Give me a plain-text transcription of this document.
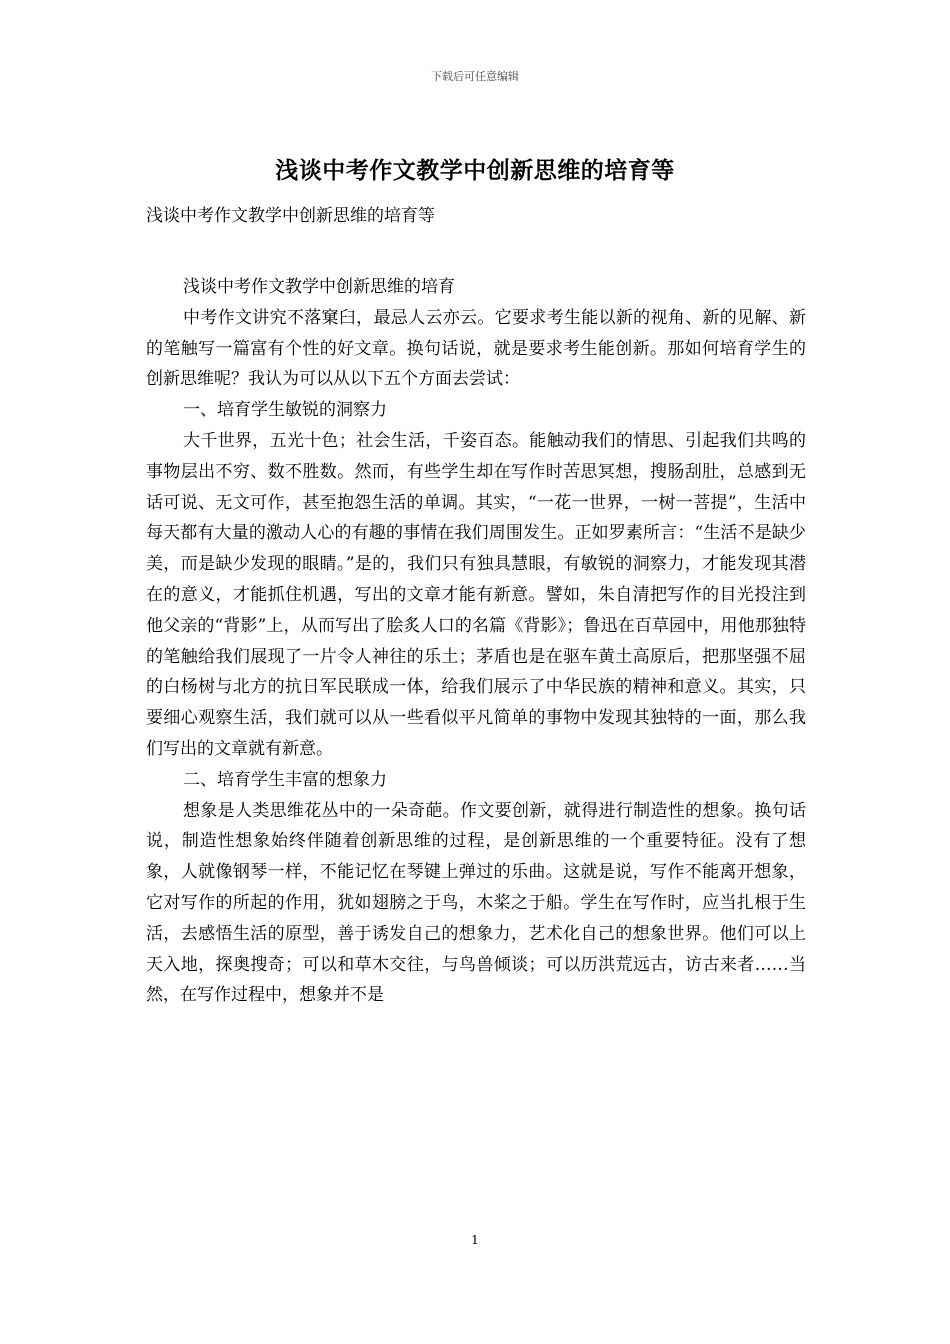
下载后可任意编辑
浅谈中考作文教学中创新思维的培育等

浅谈中考作文教学中创新思维的培育等

浅谈中考作文教学中创新思维的培育

中考作文讲究不落窠臼，最忌人云亦云。它要求考生能以新的视角、新的见解、新的笔触写一篇富有个性的好文章。换句话说，就是要求考生能创新。那如何培育学生的创新思维呢？我认为可以从以下五个方面去尝试：

一、培育学生敏锐的洞察力

大千世界，五光十色；社会生活，千姿百态。能触动我们的情思、引起我们共鸣的事物层出不穷、数不胜数。然而，有些学生却在写作时苦思冥想，搜肠刮肚，总感到无话可说、无文可作，甚至抱怨生活的单调。其实，“一花一世界，一树一菩提”，生活中每天都有大量的激动人心的有趣的事情在我们周围发生。正如罗素所言：“生活不是缺少美，而是缺少发现的眼睛。”是的，我们只有独具慧眼，有敏锐的洞察力，才能发现其潜在的意义，才能抓住机遇，写出的文章才能有新意。譬如，朱自清把写作的目光投注到他父亲的“背影”上，从而写出了脍炙人口的名篇《背影》；鲁迅在百草园中，用他那独特的笔触给我们展现了一片令人神往的乐土；茅盾也是在驱车黄土高原后，把那坚强不屈的白杨树与北方的抗日军民联成一体，给我们展示了中华民族的精神和意义。其实，只要细心观察生活，我们就可以从一些看似平凡简单的事物中发现其独特的一面，那么我们写出的文章就有新意。

二、培育学生丰富的想象力

想象是人类思维花丛中的一朵奇葩。作文要创新，就得进行制造性的想象。换句话说，制造性想象始终伴随着创新思维的过程，是创新思维的一个重要特征。没有了想象，人就像钢琴一样，不能记忆在琴键上弹过的乐曲。这就是说，写作不能离开想象，它对写作的所起的作用，犹如翅膀之于鸟，木桨之于船。学生在写作时，应当扎根于生活，去感悟生活的原型，善于诱发自己的想象力，艺术化自己的想象世界。他们可以上天入地，探奥搜奇；可以和草木交往，与鸟兽倾谈；可以历洪荒远古，访古来者……当然，在写作过程中，想象并不是

1
